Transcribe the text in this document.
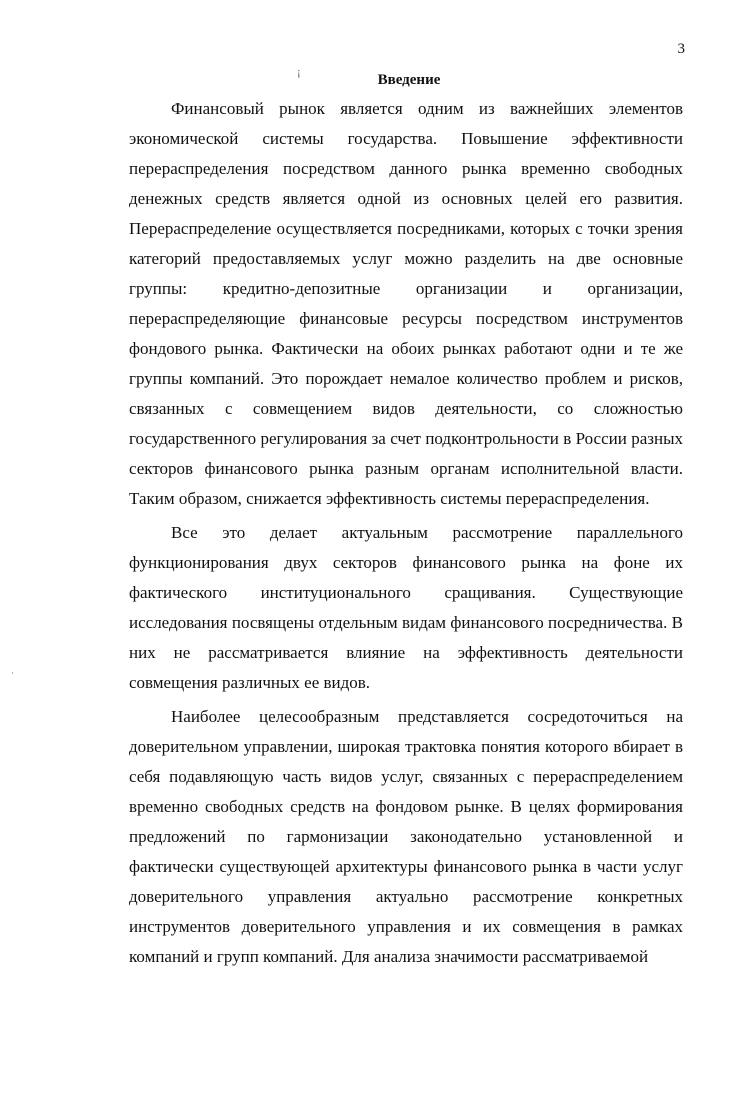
3
¡
·
Введение

Финансовый рынок является одним из важнейших элементов экономической системы государства. Повышение эффективности перераспределения посредством данного рынка временно свободных денежных средств является одной из основных целей его развития. Перераспределение осуществляется посредниками, которых с точки зрения категорий предоставляемых услуг можно разделить на две основные группы: кредитно-депозитные организации и организации, перераспределяющие финансовые ресурсы посредством инструментов фондового рынка. Фактически на обоих рынках работают одни и те же группы компаний. Это порождает немалое количество проблем и рисков, связанных с совмещением видов деятельности, со сложностью государственного регулирования за счет подконтрольности в России разных секторов финансового рынка разным органам исполнительной власти. Таким образом, снижается эффективность системы перераспределения.

Все это делает актуальным рассмотрение параллельного функционирования двух секторов финансового рынка на фоне их фактического институционального сращивания. Существующие исследования посвящены отдельным видам финансового посредничества. В них не рассматривается влияние на эффективность деятельности совмещения различных ее видов.

Наиболее целесообразным представляется сосредоточиться на доверительном управлении, широкая трактовка понятия которого вбирает в себя подавляющую часть видов услуг, связанных с перераспределением временно свободных средств на фондовом рынке. В целях формирования предложений по гармонизации законодательно установленной и фактически существующей архитектуры финансового рынка в части услуг доверительного управления актуально рассмотрение конкретных инструментов доверительного управления и их совмещения в рамках компаний и групп компаний. Для анализа значимости рассматриваемой
